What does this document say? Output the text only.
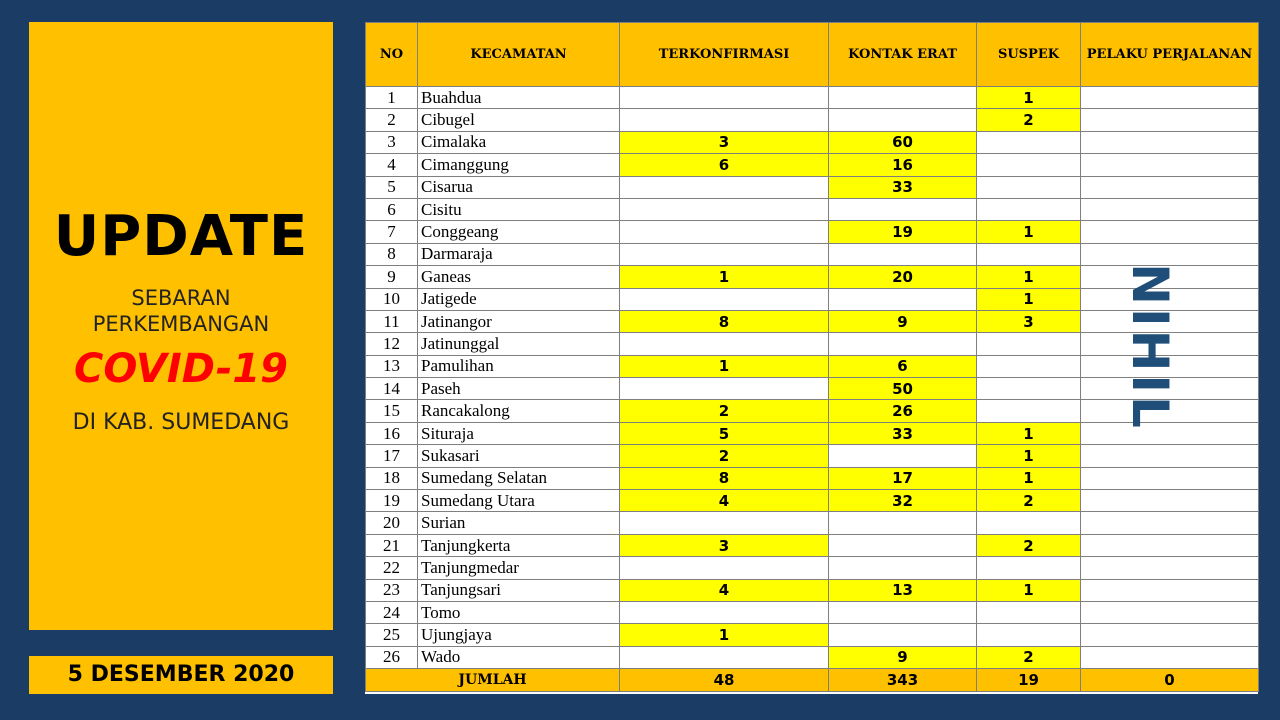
UPDATE
SEBARAN
PERKEMBANGAN
COVID-19
DI KAB. SUMEDANG
5 DESEMBER 2020
NO	KECAMATAN	TERKONFIRMASI	KONTAK ERAT	SUSPEK	PELAKU PERJALANAN
1	Buahdua			1	
2	Cibugel			2	
3	Cimalaka	3	60		
4	Cimanggung	6	16		
5	Cisarua		33		
6	Cisitu				
7	Conggeang		19	1	
8	Darmaraja				
9	Ganeas	1	20	1	
10	Jatigede			1	
11	Jatinangor	8	9	3	
12	Jatinunggal				
13	Pamulihan	1	6		
14	Paseh		50		
15	Rancakalong	2	26		
16	Situraja	5	33	1	
17	Sukasari	2		1	
18	Sumedang Selatan	8	17	1	
19	Sumedang Utara	4	32	2	
20	Surian				
21	Tanjungkerta	3		2	
22	Tanjungmedar				
23	Tanjungsari	4	13	1	
24	Tomo				
25	Ujungjaya	1			
26	Wado		9	2	
JUMLAH		48	343	19	0
NIHIL
